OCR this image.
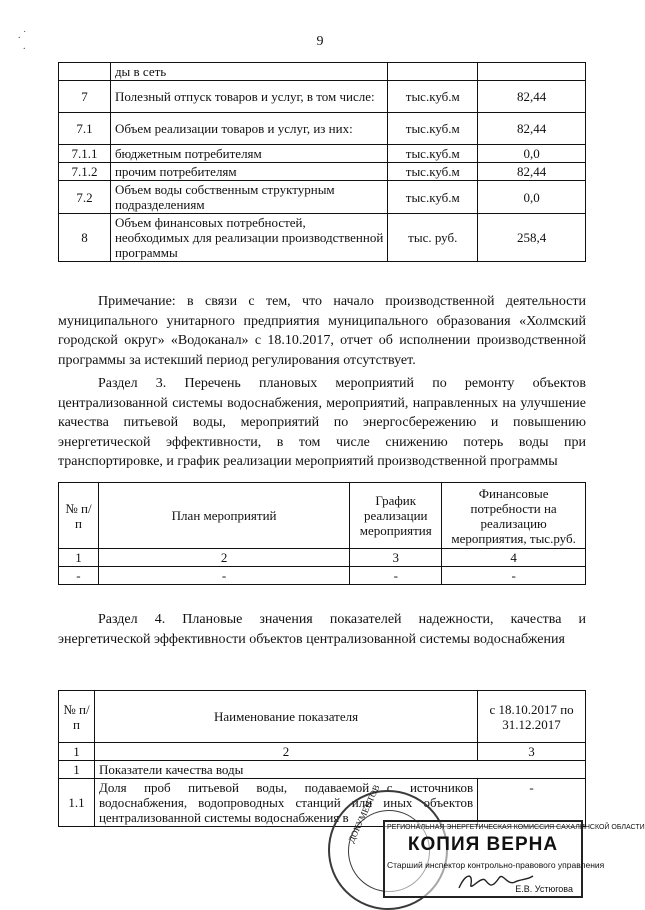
. ˙
.	9
	ды в сеть		
7	Полезный отпуск товаров и услуг, в том числе:	тыс.куб.м	82,44
7.1	Объем реализации товаров и услуг, из них:	тыс.куб.м	82,44
7.1.1	бюджетным потребителям	тыс.куб.м	0,0
7.1.2	прочим потребителям	тыс.куб.м	82,44
7.2	Объем воды собственным структурным подразделениям	тыс.куб.м	0,0
8	Объем финансовых потребностей, необходимых для реализации производственной программы	тыс. руб.	258,4
Примечание: в связи с тем, что начало производственной деятельности муниципального унитарного предприятия муниципального образования «Холмский городской округ» «Водоканал» с 18.10.2017, отчет об исполнении производственной программы за истекший период регулирования отсутствует.
Раздел 3. Перечень плановых мероприятий по ремонту объектов централизованной системы водоснабжения, мероприятий, направленных на улучшение качества питьевой воды, мероприятий по энергосбережению и повышению энергетической эффективности, в том числе снижению потерь воды при транспортировке, и график реализации мероприятий производственной программы
№ п/п	План мероприятий	График реализации мероприятия	Финансовые потребности на реализацию мероприятия, тыс.руб.
1	2	3	4
-	-	-	-
Раздел 4. Плановые значения показателей надежности, качества и энергетической эффективности объектов централизованной системы водоснабжения
№ п/п	Наименование показателя	с 18.10.2017 по 31.12.2017
1	2	3
1	Показатели качества воды	
1.1	Доля проб питьевой воды, подаваемой с источников водоснабжения, водопроводных станций или иных объектов централизованной системы водоснабжения в	-
ДОКУМЕНТОВ РЕГИОНАЛЬНАЯ ЭНЕРГЕТИЧЕСКАЯ КОМИССИЯ САХАЛИНСКОЙ ОБЛАСТИ
КОПИЯ ВЕРНА
Старший инспектор контрольно-правового управления
Е.В. Устюгова
